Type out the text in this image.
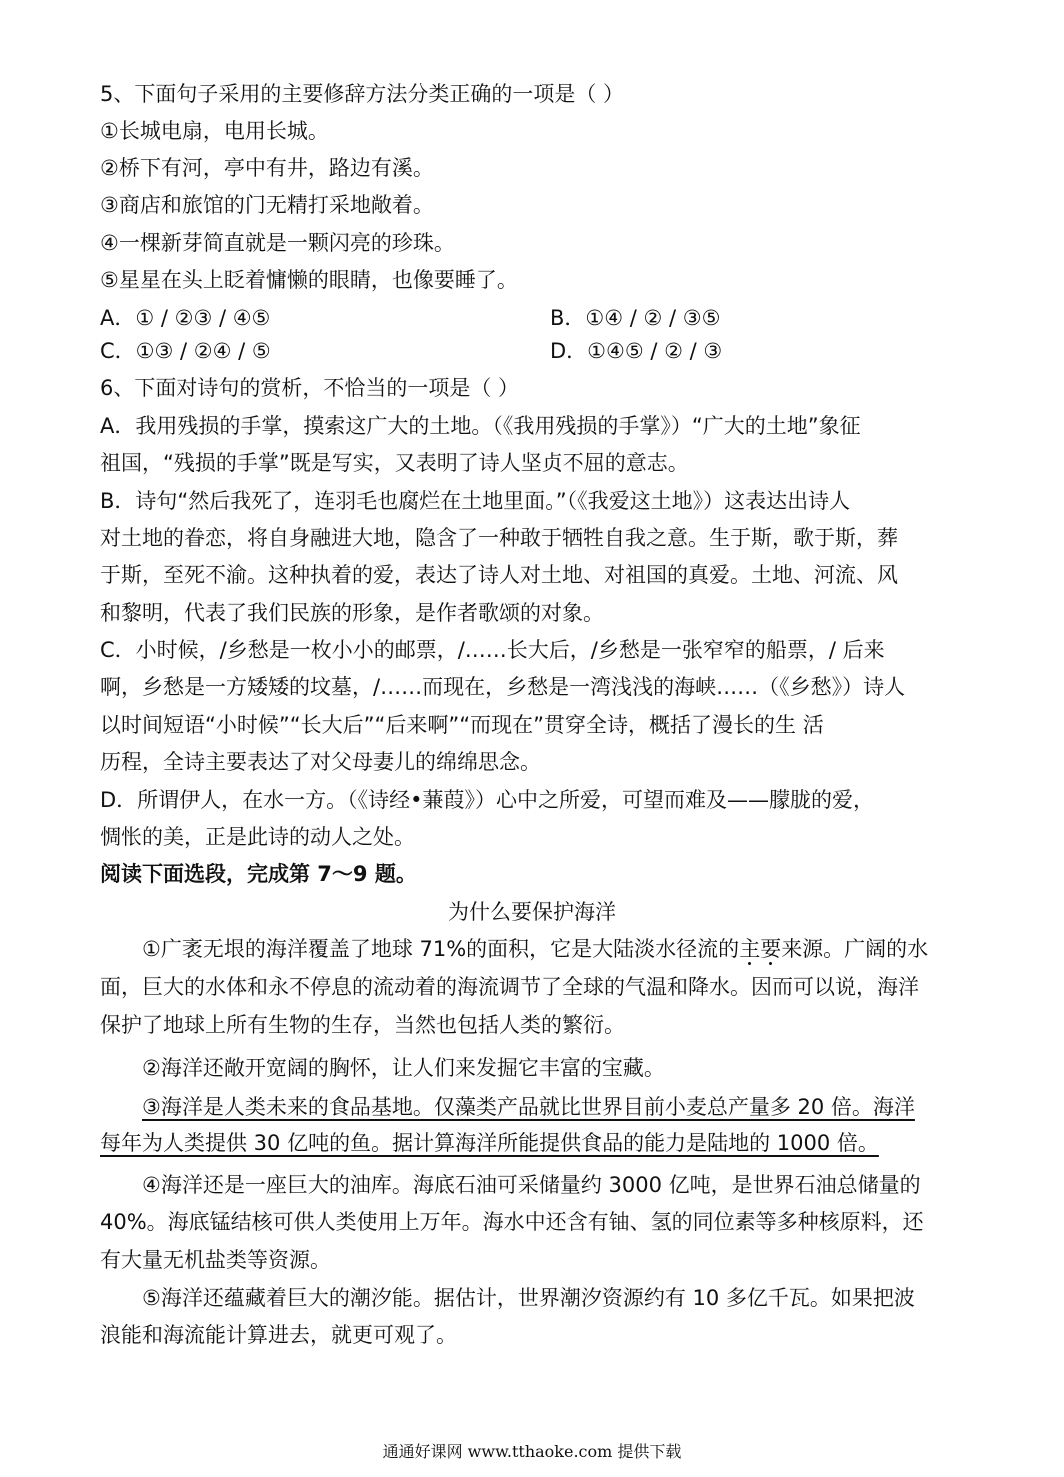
5、下面句子采用的主要修辞方法分类正确的一项是（ ）
①长城电扇，电用长城。
②桥下有河，亭中有井，路边有溪。
③商店和旅馆的门无精打采地敞着。
④一棵新芽简直就是一颗闪亮的珍珠。
⑤星星在头上眨着慵懒的眼睛，也像要睡了。
A．① / ②③ / ④⑤	B．①④ / ② / ③⑤
C．①③ / ②④ / ⑤	D．①④⑤ / ② / ③
6、下面对诗句的赏析，不恰当的一项是（ ）
A．我用残损的手掌，摸索这广大的土地。（《我用残损的手掌》）“广大的土地”象征
祖国，“残损的手掌”既是写实，又表明了诗人坚贞不屈的意志。
B．诗句“然后我死了，连羽毛也腐烂在土地里面。”（《我爱这土地》）这表达出诗人
对土地的眷恋，将自身融进大地，隐含了一种敢于牺牲自我之意。生于斯，歌于斯，葬
于斯，至死不渝。这种执着的爱，表达了诗人对土地、对祖国的真爱。土地、河流、风
和黎明，代表了我们民族的形象，是作者歌颂的对象。
C．小时候，/乡愁是一枚小小的邮票，/……长大后，/乡愁是一张窄窄的船票，/ 后来
啊，乡愁是一方矮矮的坟墓，/……而现在，乡愁是一湾浅浅的海峡……（《乡愁》）诗人
以时间短语“小时候”“长大后”“后来啊”“而现在”贯穿全诗，概括了漫长的生 活
历程，全诗主要表达了对父母妻儿的绵绵思念。
D．所谓伊人，在水一方。（《诗经•蒹葭》）心中之所爱，可望而难及——朦胧的爱，
惆怅的美，正是此诗的动人之处。
阅读下面选段，完成第 7～9 题。
为什么要保护海洋
①广袤无垠的海洋覆盖了地球 71%的面积，它是大陆淡水径流的主要来源。广阔的水
面，巨大的水体和永不停息的流动着的海流调节了全球的气温和降水。因而可以说，海洋
保护了地球上所有生物的生存，当然也包括人类的繁衍。
②海洋还敞开宽阔的胸怀，让人们来发掘它丰富的宝藏。
③海洋是人类未来的食品基地。仅藻类产品就比世界目前小麦总产量多 20 倍。海洋
每年为人类提供 30 亿吨的鱼。据计算海洋所能提供食品的能力是陆地的 1000 倍。
④海洋还是一座巨大的油库。海底石油可采储量约 3000 亿吨，是世界石油总储量的
40%。海底锰结核可供人类使用上万年。海水中还含有铀、氢的同位素等多种核原料，还
有大量无机盐类等资源。
⑤海洋还蕴藏着巨大的潮汐能。据估计，世界潮汐资源约有 10 多亿千瓦。如果把波
浪能和海流能计算进去，就更可观了。
通通好课网 www.tthaoke.com 提供下载
